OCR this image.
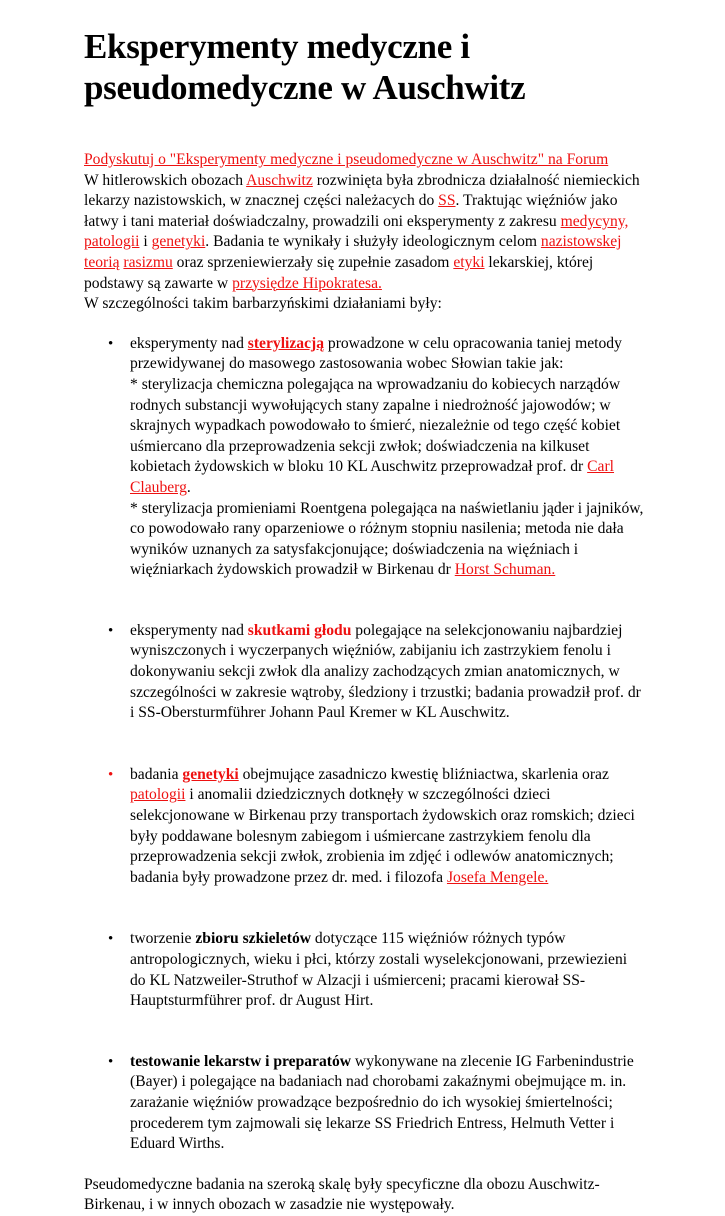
Eksperymenty medyczne i pseudomedyczne w Auschwitz
Podyskutuj o "Eksperymenty medyczne i pseudomedyczne w Auschwitz" na Forum
W hitlerowskich obozach Auschwitz rozwinięta była zbrodnicza działalność niemieckich lekarzy nazistowskich, w znacznej części należacych do SS. Traktując więźniów jako łatwy i tani materiał doświadczalny, prowadzili oni eksperymenty z zakresu medycyny, patologii i genetyki. Badania te wynikały i służyły ideologicznym celom nazistowskej teorią rasizmu oraz sprzeniewierzały się zupełnie zasadom etyki lekarskiej, której podstawy są zawarte w przysiędze Hipokratesa.
W szczególności takim barbarzyńskimi działaniami były:
• eksperymenty nad sterylizacją prowadzone w celu opracowania taniej metody przewidywanej do masowego zastosowania wobec Słowian takie jak:
* sterylizacja chemiczna polegająca na wprowadzaniu do kobiecych narządów rodnych substancji wywołujących stany zapalne i niedrożność jajowodów; w skrajnych wypadkach powodowało to śmierć, niezależnie od tego część kobiet uśmiercano dla przeprowadzenia sekcji zwłok; doświadczenia na kilkuset kobietach żydowskich w bloku 10 KL Auschwitz przeprowadzał prof. dr Carl Clauberg.
* sterylizacja promieniami Roentgena polegająca na naświetlaniu jąder i jajników, co powodowało rany oparzeniowe o różnym stopniu nasilenia; metoda nie dała wyników uznanych za satysfakcjonujące; doświadczenia na więźniach i więźniarkach żydowskich prowadził w Birkenau dr Horst Schuman.
• eksperymenty nad skutkami głodu polegające na selekcjonowaniu najbardziej wyniszczonych i wyczerpanych więźniów, zabijaniu ich zastrzykiem fenolu i dokonywaniu sekcji zwłok dla analizy zachodzących zmian anatomicznych, w szczególności w zakresie wątroby, śledziony i trzustki; badania prowadził prof. dr i SS-Obersturmführer Johann Paul Kremer w KL Auschwitz.
• badania genetyki obejmujące zasadniczo kwestię bliźniactwa, skarlenia oraz patologii i anomalii dziedzicznych dotknęły w szczególności dzieci selekcjonowane w Birkenau przy transportach żydowskich oraz romskich; dzieci były poddawane bolesnym zabiegom i uśmiercane zastrzykiem fenolu dla przeprowadzenia sekcji zwłok, zrobienia im zdjęć i odlewów anatomicznych; badania były prowadzone przez dr. med. i filozofa Josefa Mengele.
• tworzenie zbioru szkieletów dotyczące 115 więźniów różnych typów antropologicznych, wieku i płci, którzy zostali wyselekcjonowani, przewiezieni do KL Natzweiler-Struthof w Alzacji i uśmierceni; pracami kierował SS-Hauptsturmführer prof. dr August Hirt.
• testowanie lekarstw i preparatów wykonywane na zlecenie IG Farbenindustrie (Bayer) i polegające na badaniach nad chorobami zakaźnymi obejmujące m. in. zarażanie więźniów prowadzące bezpośrednio do ich wysokiej śmiertelności; procederem tym zajmowali się lekarze SS Friedrich Entress, Helmuth Vetter i Eduard Wirths.

Pseudomedyczne badania na szeroką skalę były specyficzne dla obozu Auschwitz-Birkenau, i w innych obozach w zasadzie nie występowały.
